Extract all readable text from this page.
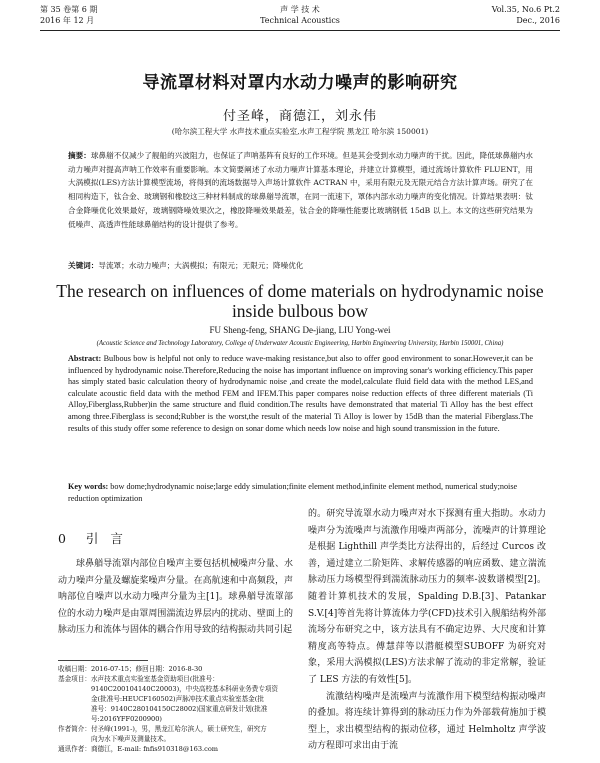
第 35 卷第 6 期
2016 年 12 月
声 学 技 术
Technical Acoustics
Vol.35, No.6 Pt.2
Dec., 2016
导流罩材料对罩内水动力噪声的影响研究
付圣峰，商德江，刘永伟
(哈尔滨工程大学 水声技术重点实验室,水声工程学院 黑龙江 哈尔滨 150001)
摘要：球鼻艏不仅减少了舰船的兴波阻力，也保证了声呐基阵有良好的工作环境。但是其会受到水动力噪声的干扰。因此，降低球鼻艏内水动力噪声对提高声呐工作效率有重要影响。本文简要阐述了水动力噪声计算基本理论，并建立计算模型，通过流场计算软件 FLUENT，用大涡模拟(LES)方法计算模型流场，将得到的流场数据导入声场计算软件 ACTRAN 中，采用有限元及无限元结合方法计算声场。研究了在相同构造下，钛合金、玻璃钢和橡胶这三种材料制成的球鼻艏导流罩，在同一流速下，罩体内部水动力噪声的变化情况。计算结果表明：钛合金降噪优化效果最好，玻璃钢降噪效果次之，橡胶降噪效果最差，钛合金的降噪性能要比玻璃钢低 15dB 以上。本文的这些研究结果为低噪声、高透声性能球鼻艏结构的设计提供了参考。
关键词：导流罩；水动力噪声；大涡模拟；有限元；无限元；降噪优化
The research on influences of dome materials on hydrodynamic noise inside bulbous bow
FU Sheng-feng, SHANG De-jiang, LIU Yong-wei
(Acoustic Science and Technology Laboratory, College of Underwater Acoustic Engineering, Harbin Engineering University, Harbin 150001, China)
Abstract: Bulbous bow is helpful not only to reduce wave-making resistance,but also to offer good environment to sonar.However,it can be influenced by hydrodynamic noise.Therefore,Reducing the noise has important influence on improving sonar's working efficiency.This paper has simply stated basic calculation theory of hydrodynamic noise ,and create the model,calculate fluid field data with the method LES,and calculate acoustic field data with the method FEM and IFEM.This paper compares noise reduction effects of three different materials (Ti Alloy,Fiberglass,Rubber)in the same structure and fluid condition.The results have demonstrated that material Ti Alloy has the best effect among three.Fiberglass is second;Rubber is the worst,the result of the material Ti Alloy is lower by 15dB than the material Fiberglass.The results of this study offer some reference to design on sonar dome which needs low noise and high sound transmission in the future.
Key words: bow dome;hydrodynamic noise;large eddy simulation;finite element method,infinite element method, numerical study;noise reduction optimization
0 引 言

球鼻艏导流罩内部位自噪声主要包括机械噪声分量、水动力噪声分量及螺旋桨噪声分量。在高航速和中高频段，声呐部位自噪声以水动力噪声分量为主[1]。球鼻艏导流罩部位的水动力噪声是由罩周围湍流边界层内的扰动、壁面上的脉动压力和流体与固体的耦合作用导致的结构振动共同引起

的。研究导流罩水动力噪声对水下探测有重大指助。水动力噪声分为流噪声与流激作用噪声两部分，流噪声的计算理论是根据 Lighthill 声学类比方法得出的，后经过 Curcos 改善，通过建立二阶矩阵、求解传感器的响应函数、建立湍流脉动压力场模型得到湍流脉动压力的频率-波数谱模型[2]。随着计算机技术的发展，Spalding D.B.[3]、Patankar S.V.[4]等首先将计算流体力学(CFD)技术引入舰船结构外部流场分布研究之中，该方法具有不确定边界、大尺度和计算精度高等特点。傅慧萍等以潜艇模型SUBOFF 为研究对象，采用大涡模拟(LES)方法求解了流动的非定常解，验证了 LES 方法的有效性[5]。

流激结构噪声是流噪声与流激作用下模型结构振动噪声的叠加。将连续计算得到的脉动压力作为外部载荷施加于模型上，求出模型结构的振动位移，通过 Helmholtz 声学波动方程即可求出由于流

收稿日期： 2016-07-15；修回日期：2016-8-30
基金项目： 水声技术重点实验室基金资助项目(批准号：
9140C200104140C20003)，中央高校基本科研业务费专项资
金(批准号:HEUCF160502)声脉冲技术重点实验室基金(批
准号：9140C280104150C28002)国家重点研发计划(批准
号:2016YFF0200900)
作者简介： 付圣峰(1991-)，男，黑龙江哈尔滨人，硕士研究生，研究方
向为水下噪声及测量技术。
通讯作者： 商德江，E-mail: fnfis910318@163.com
